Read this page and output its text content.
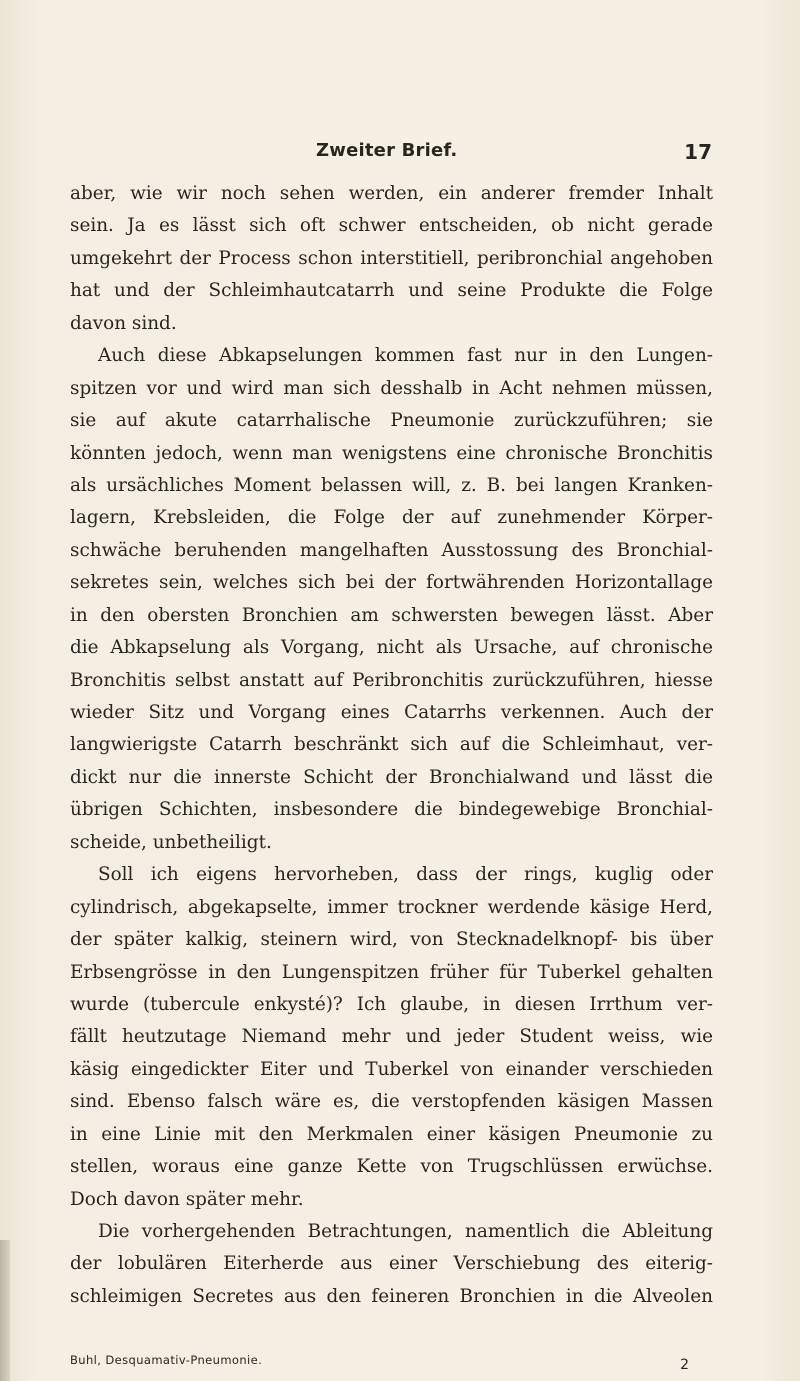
Zweiter Brief.	17
aber, wie wir noch sehen werden, ein anderer fremder Inhalt
sein. Ja es lässt sich oft schwer entscheiden, ob nicht gerade
umgekehrt der Process schon interstitiell, peribronchial angehoben
hat und der Schleimhautcatarrh und seine Produkte die Folge
davon sind.
Auch diese Abkapselungen kommen fast nur in den Lungen-
spitzen vor und wird man sich desshalb in Acht nehmen müssen,
sie auf akute catarrhalische Pneumonie zurückzuführen; sie
könnten jedoch, wenn man wenigstens eine chronische Bronchitis
als ursächliches Moment belassen will, z. B. bei langen Kranken-
lagern, Krebsleiden, die Folge der auf zunehmender Körper-
schwäche beruhenden mangelhaften Ausstossung des Bronchial-
sekretes sein, welches sich bei der fortwährenden Horizontallage
in den obersten Bronchien am schwersten bewegen lässt. Aber
die Abkapselung als Vorgang, nicht als Ursache, auf chronische
Bronchitis selbst anstatt auf Peribronchitis zurückzuführen, hiesse
wieder Sitz und Vorgang eines Catarrhs verkennen. Auch der
langwierigste Catarrh beschränkt sich auf die Schleimhaut, ver-
dickt nur die innerste Schicht der Bronchialwand und lässt die
übrigen Schichten, insbesondere die bindegewebige Bronchial-
scheide, unbetheiligt.
Soll ich eigens hervorheben, dass der rings, kuglig oder
cylindrisch, abgekapselte, immer trockner werdende käsige Herd,
der später kalkig, steinern wird, von Stecknadelknopf- bis über
Erbsengrösse in den Lungenspitzen früher für Tuberkel gehalten
wurde (tubercule enkysté)? Ich glaube, in diesen Irrthum ver-
fällt heutzutage Niemand mehr und jeder Student weiss, wie
käsig eingedickter Eiter und Tuberkel von einander verschieden
sind. Ebenso falsch wäre es, die verstopfenden käsigen Massen
in eine Linie mit den Merkmalen einer käsigen Pneumonie zu
stellen, woraus eine ganze Kette von Trugschlüssen erwüchse.
Doch davon später mehr.
Die vorhergehenden Betrachtungen, namentlich die Ableitung
der lobulären Eiterherde aus einer Verschiebung des eiterig-
schleimigen Secretes aus den feineren Bronchien in die Alveolen
Buhl, Desquamativ-Pneumonie.	2
